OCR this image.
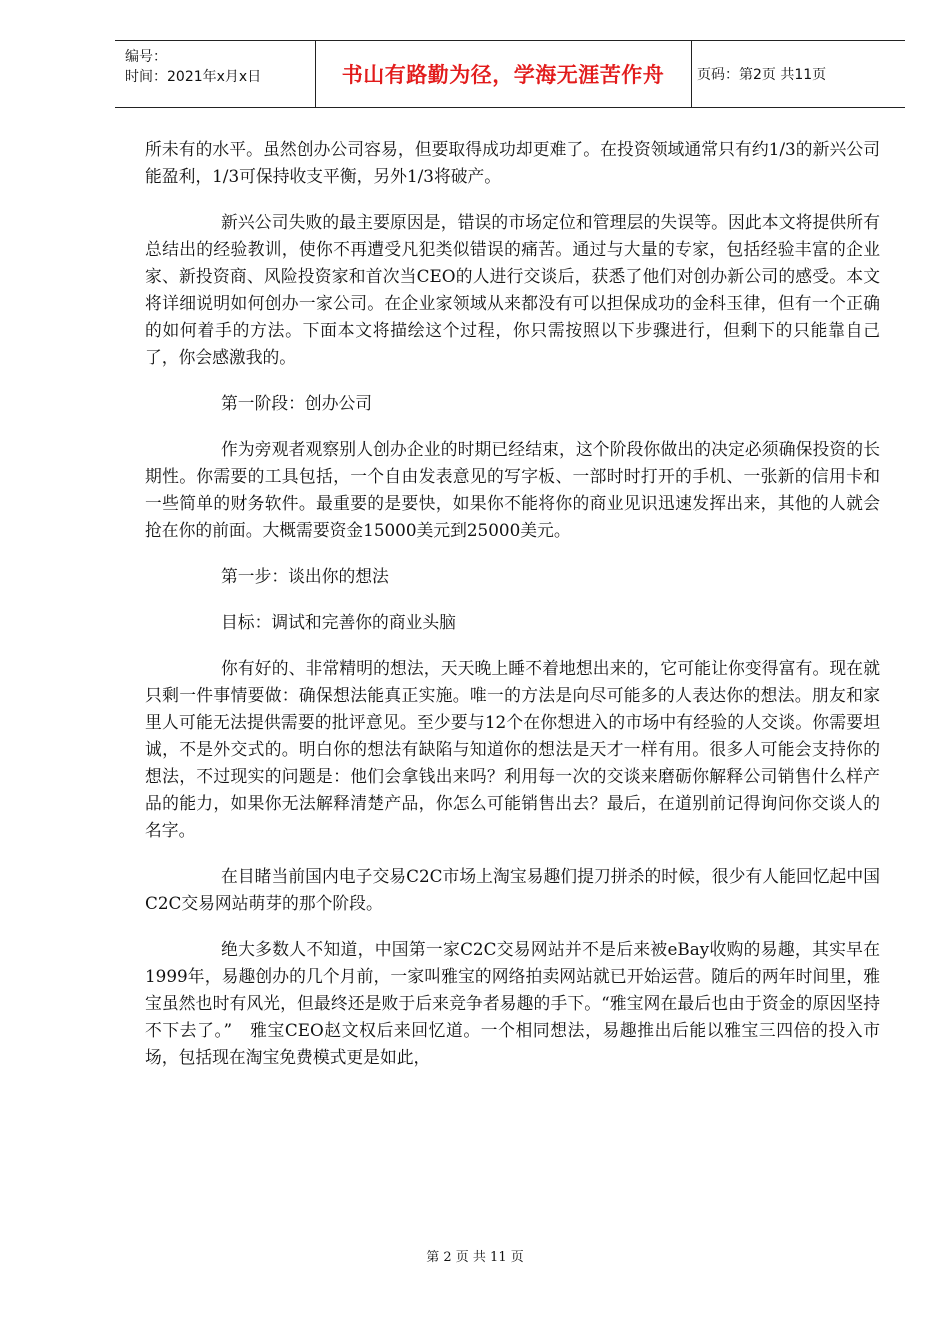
编号：
时间：2021年x月x日	书山有路勤为径，学海无涯苦作舟	页码：第2页 共11页

所未有的水平。虽然创办公司容易，但要取得成功却更难了。在投资领域通常只有约1/3的新兴公司能盈利，1/3可保持收支平衡，另外1/3将破产。

新兴公司失败的最主要原因是，错误的市场定位和管理层的失误等。因此本文将提供所有总结出的经验教训，使你不再遭受凡犯类似错误的痛苦。通过与大量的专家，包括经验丰富的企业家、新投资商、风险投资家和首次当CEO的人进行交谈后，获悉了他们对创办新公司的感受。本文将详细说明如何创办一家公司。在企业家领域从来都没有可以担保成功的金科玉律，但有一个正确的如何着手的方法。下面本文将描绘这个过程，你只需按照以下步骤进行，但剩下的只能靠自己了，你会感激我的。

第一阶段：创办公司

作为旁观者观察别人创办企业的时期已经结束，这个阶段你做出的决定必须确保投资的长期性。你需要的工具包括，一个自由发表意见的写字板、一部时时打开的手机、一张新的信用卡和一些简单的财务软件。最重要的是要快，如果你不能将你的商业见识迅速发挥出来，其他的人就会抢在你的前面。大概需要资金15000美元到25000美元。

第一步：谈出你的想法

目标：调试和完善你的商业头脑

你有好的、非常精明的想法，天天晚上睡不着地想出来的，它可能让你变得富有。现在就只剩一件事情要做：确保想法能真正实施。唯一的方法是向尽可能多的人表达你的想法。朋友和家里人可能无法提供需要的批评意见。至少要与12个在你想进入的市场中有经验的人交谈。你需要坦诚，不是外交式的。明白你的想法有缺陷与知道你的想法是天才一样有用。很多人可能会支持你的想法，不过现实的问题是：他们会拿钱出来吗？利用每一次的交谈来磨砺你解释公司销售什么样产品的能力，如果你无法解释清楚产品，你怎么可能销售出去？最后，在道别前记得询问你交谈人的名字。

在目睹当前国内电子交易C2C市场上淘宝易趣们提刀拼杀的时候，很少有人能回忆起中国C2C交易网站萌芽的那个阶段。

绝大多数人不知道，中国第一家C2C交易网站并不是后来被eBay收购的易趣，其实早在1999年，易趣创办的几个月前，一家叫雅宝的网络拍卖网站就已开始运营。随后的两年时间里，雅宝虽然也时有风光，但最终还是败于后来竞争者易趣的手下。“雅宝网在最后也由于资金的原因坚持不下去了。”　雅宝CEO赵文权后来回忆道。一个相同想法，易趣推出后能以雅宝三四倍的投入市场，包括现在淘宝免费模式更是如此，

第 2 页 共 11 页
